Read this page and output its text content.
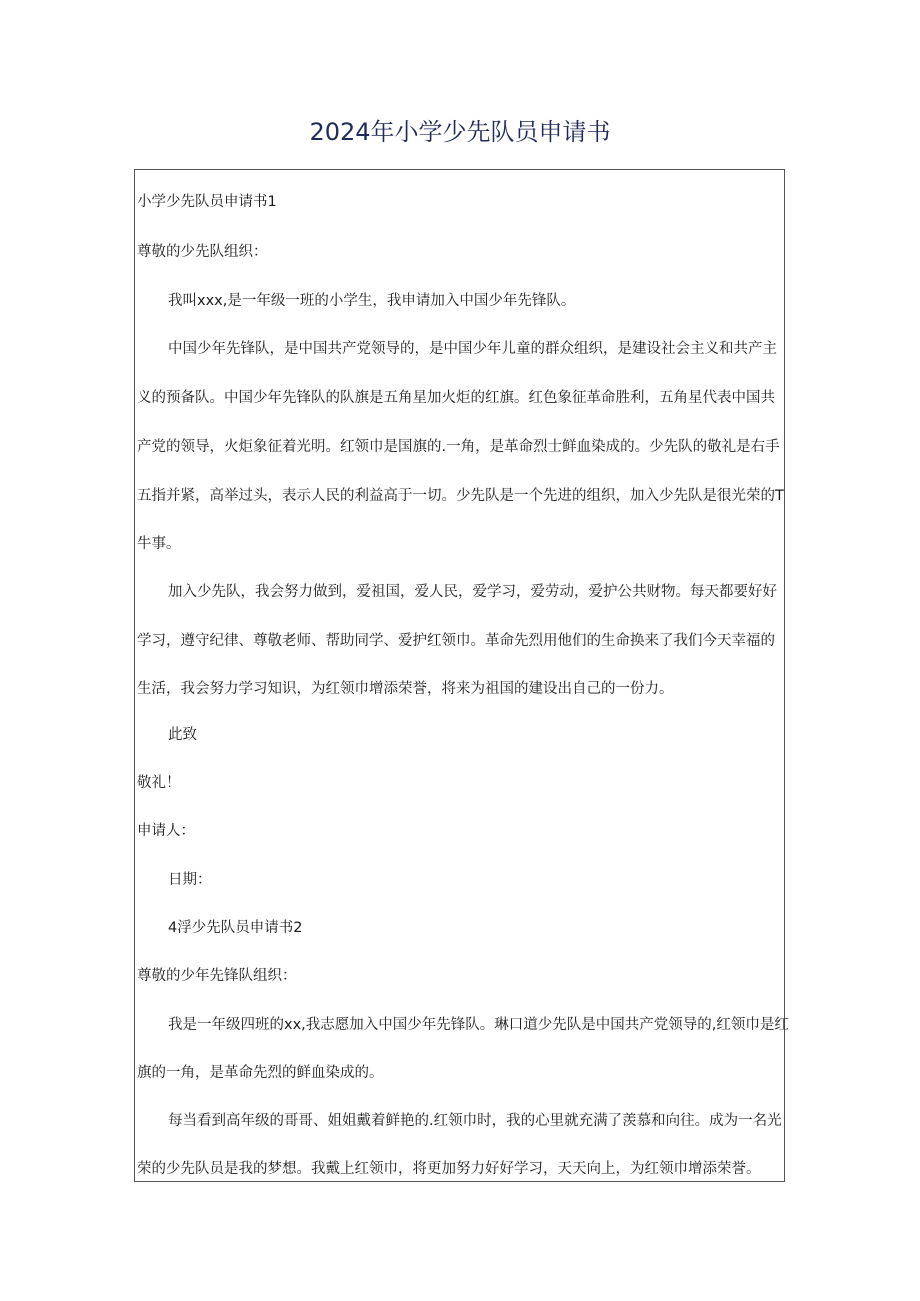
2024年小学少先队员申请书
小学少先队员申请书1
尊敬的少先队组织：
我叫xxx,是一年级一班的小学生，我申请加入中国少年先锋队。
中国少年先锋队，是中国共产党领导的，是中国少年儿童的群众组织，是建设社会主义和共产主
义的预备队。中国少年先锋队的队旗是五角星加火炬的红旗。红色象征革命胜利，五角星代表中国共
产党的领导，火炬象征着光明。红领巾是国旗的.一角，是革命烈士鲜血染成的。少先队的敬礼是右手
五指并紧，高举过头，表示人民的利益高于一切。少先队是一个先进的组织，加入少先队是很光荣的T
牛事。
加入少先队，我会努力做到，爱祖国，爱人民，爱学习，爱劳动，爱护公共财物。每天都要好好
学习，遵守纪律、尊敬老师、帮助同学、爱护红领巾。革命先烈用他们的生命换来了我们今天幸福的
生活，我会努力学习知识，为红领巾增添荣誉，将来为祖国的建设出自己的一份力。
此致
敬礼！
申请人：
日期：
4浮少先队员申请书2
尊敬的少年先锋队组织：
我是一年级四班的xx,我志愿加入中国少年先锋队。琳口道少先队是中国共产党领导的,红领巾是红
旗的一角，是革命先烈的鲜血染成的。
每当看到高年级的哥哥、姐姐戴着鲜艳的.红领巾时，我的心里就充满了羡慕和向往。成为一名光
荣的少先队员是我的梦想。我戴上红领巾，将更加努力好好学习，天天向上，为红领巾增添荣誉。
